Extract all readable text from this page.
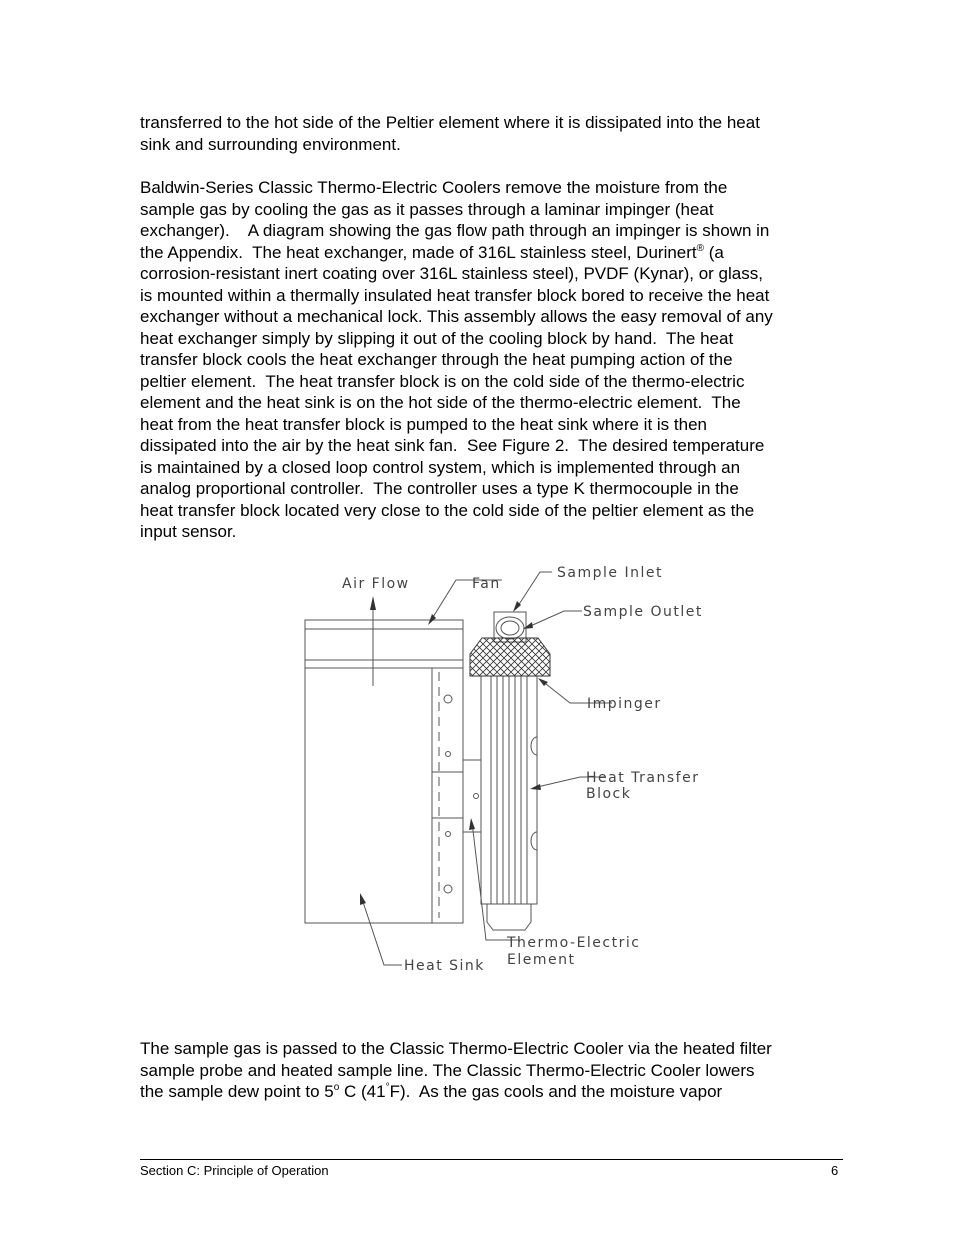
transferred to the hot side of the Peltier element where it is dissipated into the heat
sink and surrounding environment.

Baldwin-Series Classic Thermo-Electric Coolers remove the moisture from the
sample gas by cooling the gas as it passes through a laminar impinger (heat
exchanger).    A diagram showing the gas flow path through an impinger is shown in
the Appendix.  The heat exchanger, made of 316L stainless steel, Durinert® (a
corrosion-resistant inert coating over 316L stainless steel), PVDF (Kynar), or glass,
is mounted within a thermally insulated heat transfer block bored to receive the heat
exchanger without a mechanical lock. This assembly allows the easy removal of any
heat exchanger simply by slipping it out of the cooling block by hand.  The heat
transfer block cools the heat exchanger through the heat pumping action of the
peltier element.  The heat transfer block is on the cold side of the thermo-electric
element and the heat sink is on the hot side of the thermo-electric element.  The
heat from the heat transfer block is pumped to the heat sink where it is then
dissipated into the air by the heat sink fan.  See Figure 2.  The desired temperature
is maintained by a closed loop control system, which is implemented through an
analog proportional controller.  The controller uses a type K thermocouple in the
heat transfer block located very close to the cold side of the peltier element as the
input sensor.

Air Flow	Fan
Sample Inlet
Sample Outlet
Impinger
Heat Transfer
Block
Thermo-Electric
Element
Heat Sink

The sample gas is passed to the Classic Thermo-Electric Cooler via the heated filter
sample probe and heated sample line. The Classic Thermo-Electric Cooler lowers
the sample dew point to 5$^o$ C (41°F).  As the gas cools and the moisture vapor

Section C: Principle of Operation	6
